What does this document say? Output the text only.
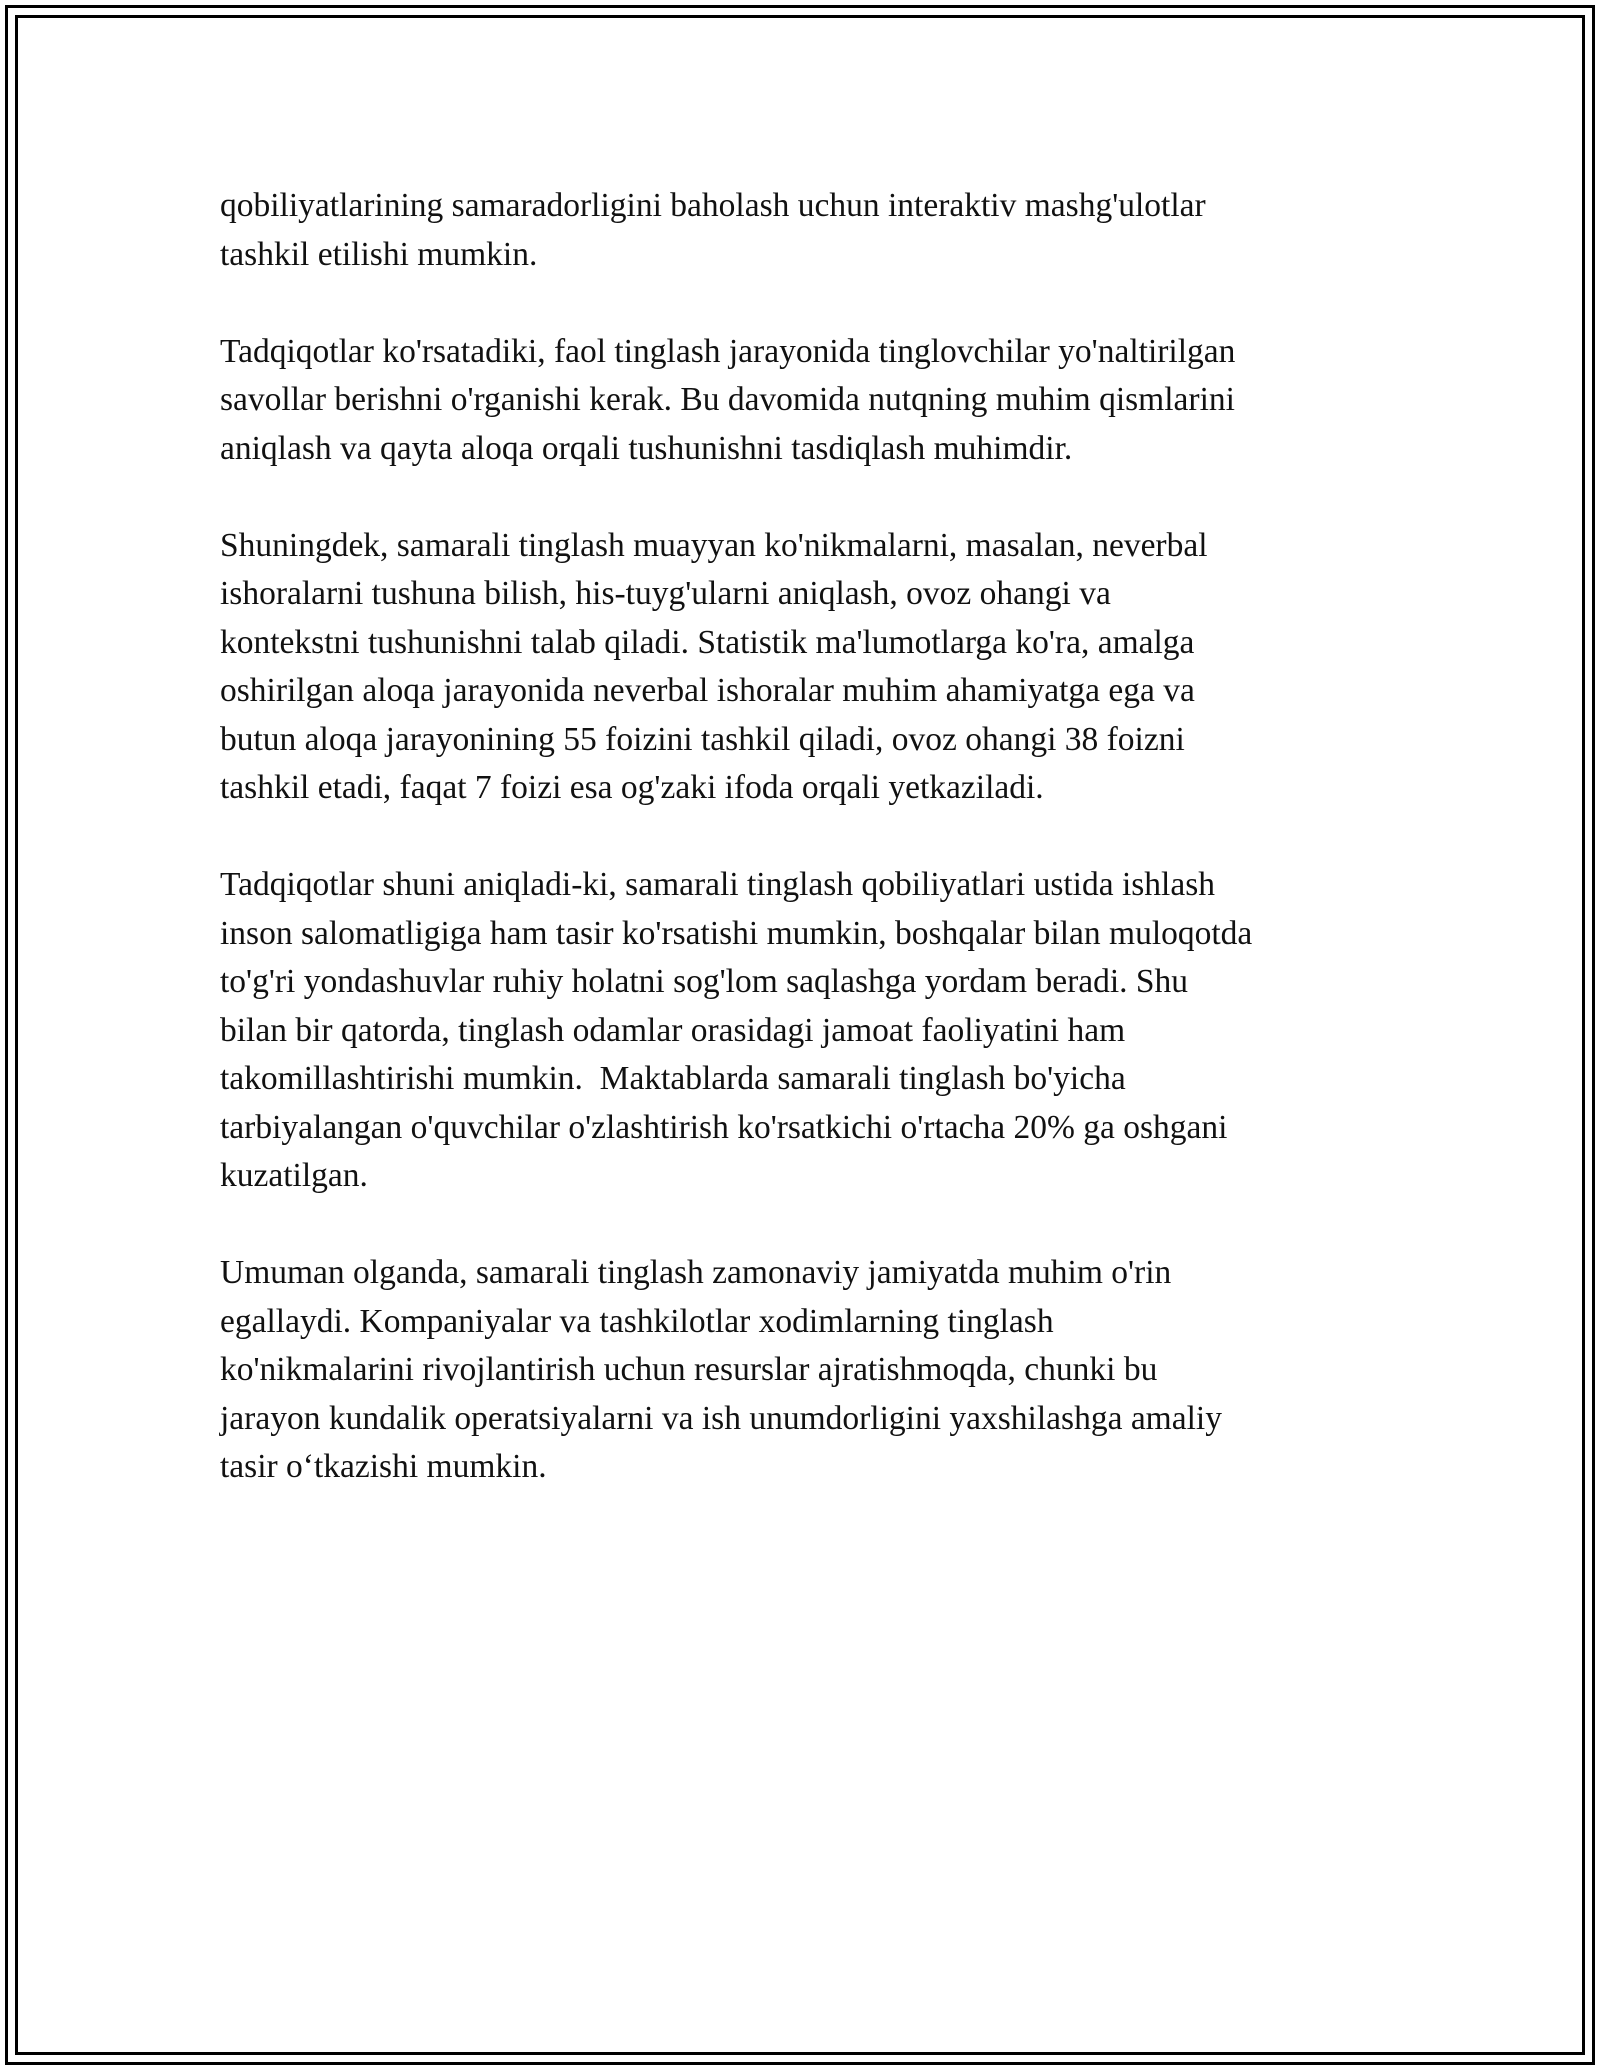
qobiliyatlarining samaradorligini baholash uchun interaktiv mashg'ulotlar
tashkil etilishi mumkin.

Tadqiqotlar ko'rsatadiki, faol tinglash jarayonida tinglovchilar yo'naltirilgan
savollar berishni o'rganishi kerak. Bu davomida nutqning muhim qismlarini
aniqlash va qayta aloqa orqali tushunishni tasdiqlash muhimdir.

Shuningdek, samarali tinglash muayyan ko'nikmalarni, masalan, neverbal
ishoralarni tushuna bilish, his-tuyg'ularni aniqlash, ovoz ohangi va
kontekstni tushunishni talab qiladi. Statistik ma'lumotlarga ko'ra, amalga
oshirilgan aloqa jarayonida neverbal ishoralar muhim ahamiyatga ega va
butun aloqa jarayonining 55 foizini tashkil qiladi, ovoz ohangi 38 foizni
tashkil etadi, faqat 7 foizi esa og'zaki ifoda orqali yetkaziladi.

Tadqiqotlar shuni aniqladi-ki, samarali tinglash qobiliyatlari ustida ishlash
inson salomatligiga ham tasir ko'rsatishi mumkin, boshqalar bilan muloqotda
to'g'ri yondashuvlar ruhiy holatni sog'lom saqlashga yordam beradi. Shu
bilan bir qatorda, tinglash odamlar orasidagi jamoat faoliyatini ham
takomillashtirishi mumkin.  Maktablarda samarali tinglash bo'yicha
tarbiyalangan o'quvchilar o'zlashtirish ko'rsatkichi o'rtacha 20% ga oshgani
kuzatilgan.

Umuman olganda, samarali tinglash zamonaviy jamiyatda muhim o'rin
egallaydi. Kompaniyalar va tashkilotlar xodimlarning tinglash
ko'nikmalarini rivojlantirish uchun resurslar ajratishmoqda, chunki bu
jarayon kundalik operatsiyalarni va ish unumdorligini yaxshilashga amaliy
tasir o‘tkazishi mumkin.
